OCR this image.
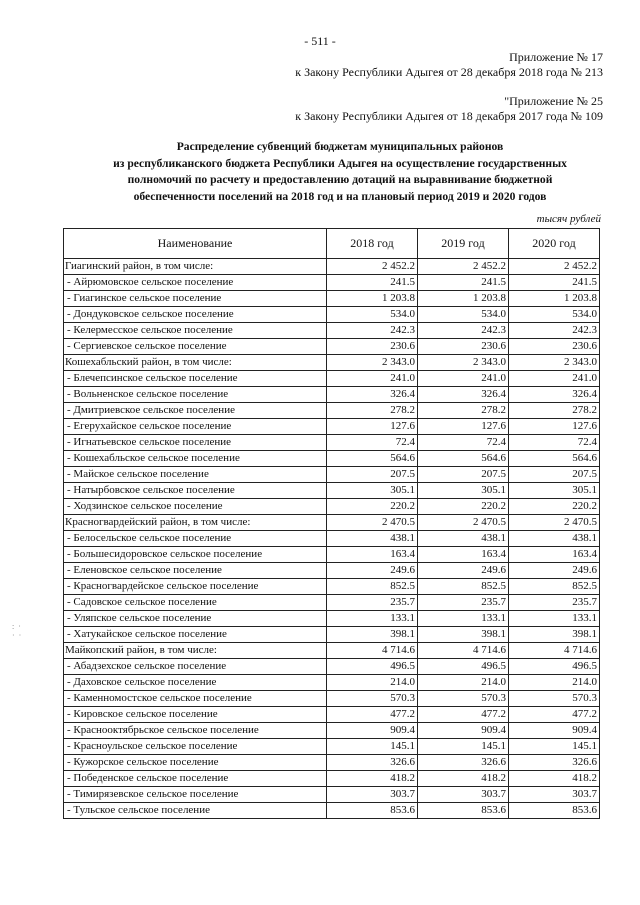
- 511 -
Приложение № 17
к Закону Республики Адыгея от 28 декабря 2018 года № 213
"Приложение № 25
к Закону Республики Адыгея от 18 декабря 2017 года № 109
Распределение субвенций бюджетам муниципальных районов
из республиканского бюджета Республики Адыгея на осуществление государственных
полномочий по расчету и предоставлению дотаций на выравнивание бюджетной
обеспеченности поселений на 2018 год и на плановый период 2019 и 2020 годов
тысяч рублей
Наименование	2018 год	2019 год	2020 год
Гиагинский район, в том числе:	2 452.2	2 452.2	2 452.2
- Айрюмовское сельское поселение	241.5	241.5	241.5
- Гиагинское сельское поселение	1 203.8	1 203.8	1 203.8
- Дондуковское сельское поселение	534.0	534.0	534.0
- Келермесское сельское поселение	242.3	242.3	242.3
- Сергиевское сельское поселение	230.6	230.6	230.6
Кошехабльский район, в том числе:	2 343.0	2 343.0	2 343.0
- Блечепсинское сельское поселение	241.0	241.0	241.0
- Вольненское сельское поселение	326.4	326.4	326.4
- Дмитриевское сельское поселение	278.2	278.2	278.2
- Егерухайское сельское поселение	127.6	127.6	127.6
- Игнатьевское сельское поселение	72.4	72.4	72.4
- Кошехабльское сельское поселение	564.6	564.6	564.6
- Майское сельское поселение	207.5	207.5	207.5
- Натырбовское сельское поселение	305.1	305.1	305.1
- Ходзинское сельское поселение	220.2	220.2	220.2
Красногвардейский район, в том числе:	2 470.5	2 470.5	2 470.5
- Белосельское сельское поселение	438.1	438.1	438.1
- Большесидоровское сельское поселение	163.4	163.4	163.4
- Еленовское сельское поселение	249.6	249.6	249.6
- Красногвардейское сельское поселение	852.5	852.5	852.5
- Садовское сельское поселение	235.7	235.7	235.7
- Уляпское сельское поселение	133.1	133.1	133.1
- Хатукайское сельское поселение	398.1	398.1	398.1
Майкопский район, в том числе:	4 714.6	4 714.6	4 714.6
- Абадзехское сельское поселение	496.5	496.5	496.5
- Даховское сельское поселение	214.0	214.0	214.0
- Каменномостское сельское поселение	570.3	570.3	570.3
- Кировское сельское поселение	477.2	477.2	477.2
- Краснооктябрьское сельское поселение	909.4	909.4	909.4
- Красноульское сельское поселение	145.1	145.1	145.1
- Кужорское сельское поселение	326.6	326.6	326.6
- Победенское сельское поселение	418.2	418.2	418.2
- Тимирязевское сельское поселение	303.7	303.7	303.7
- Тульское сельское поселение	853.6	853.6	853.6
: ·
· ·
